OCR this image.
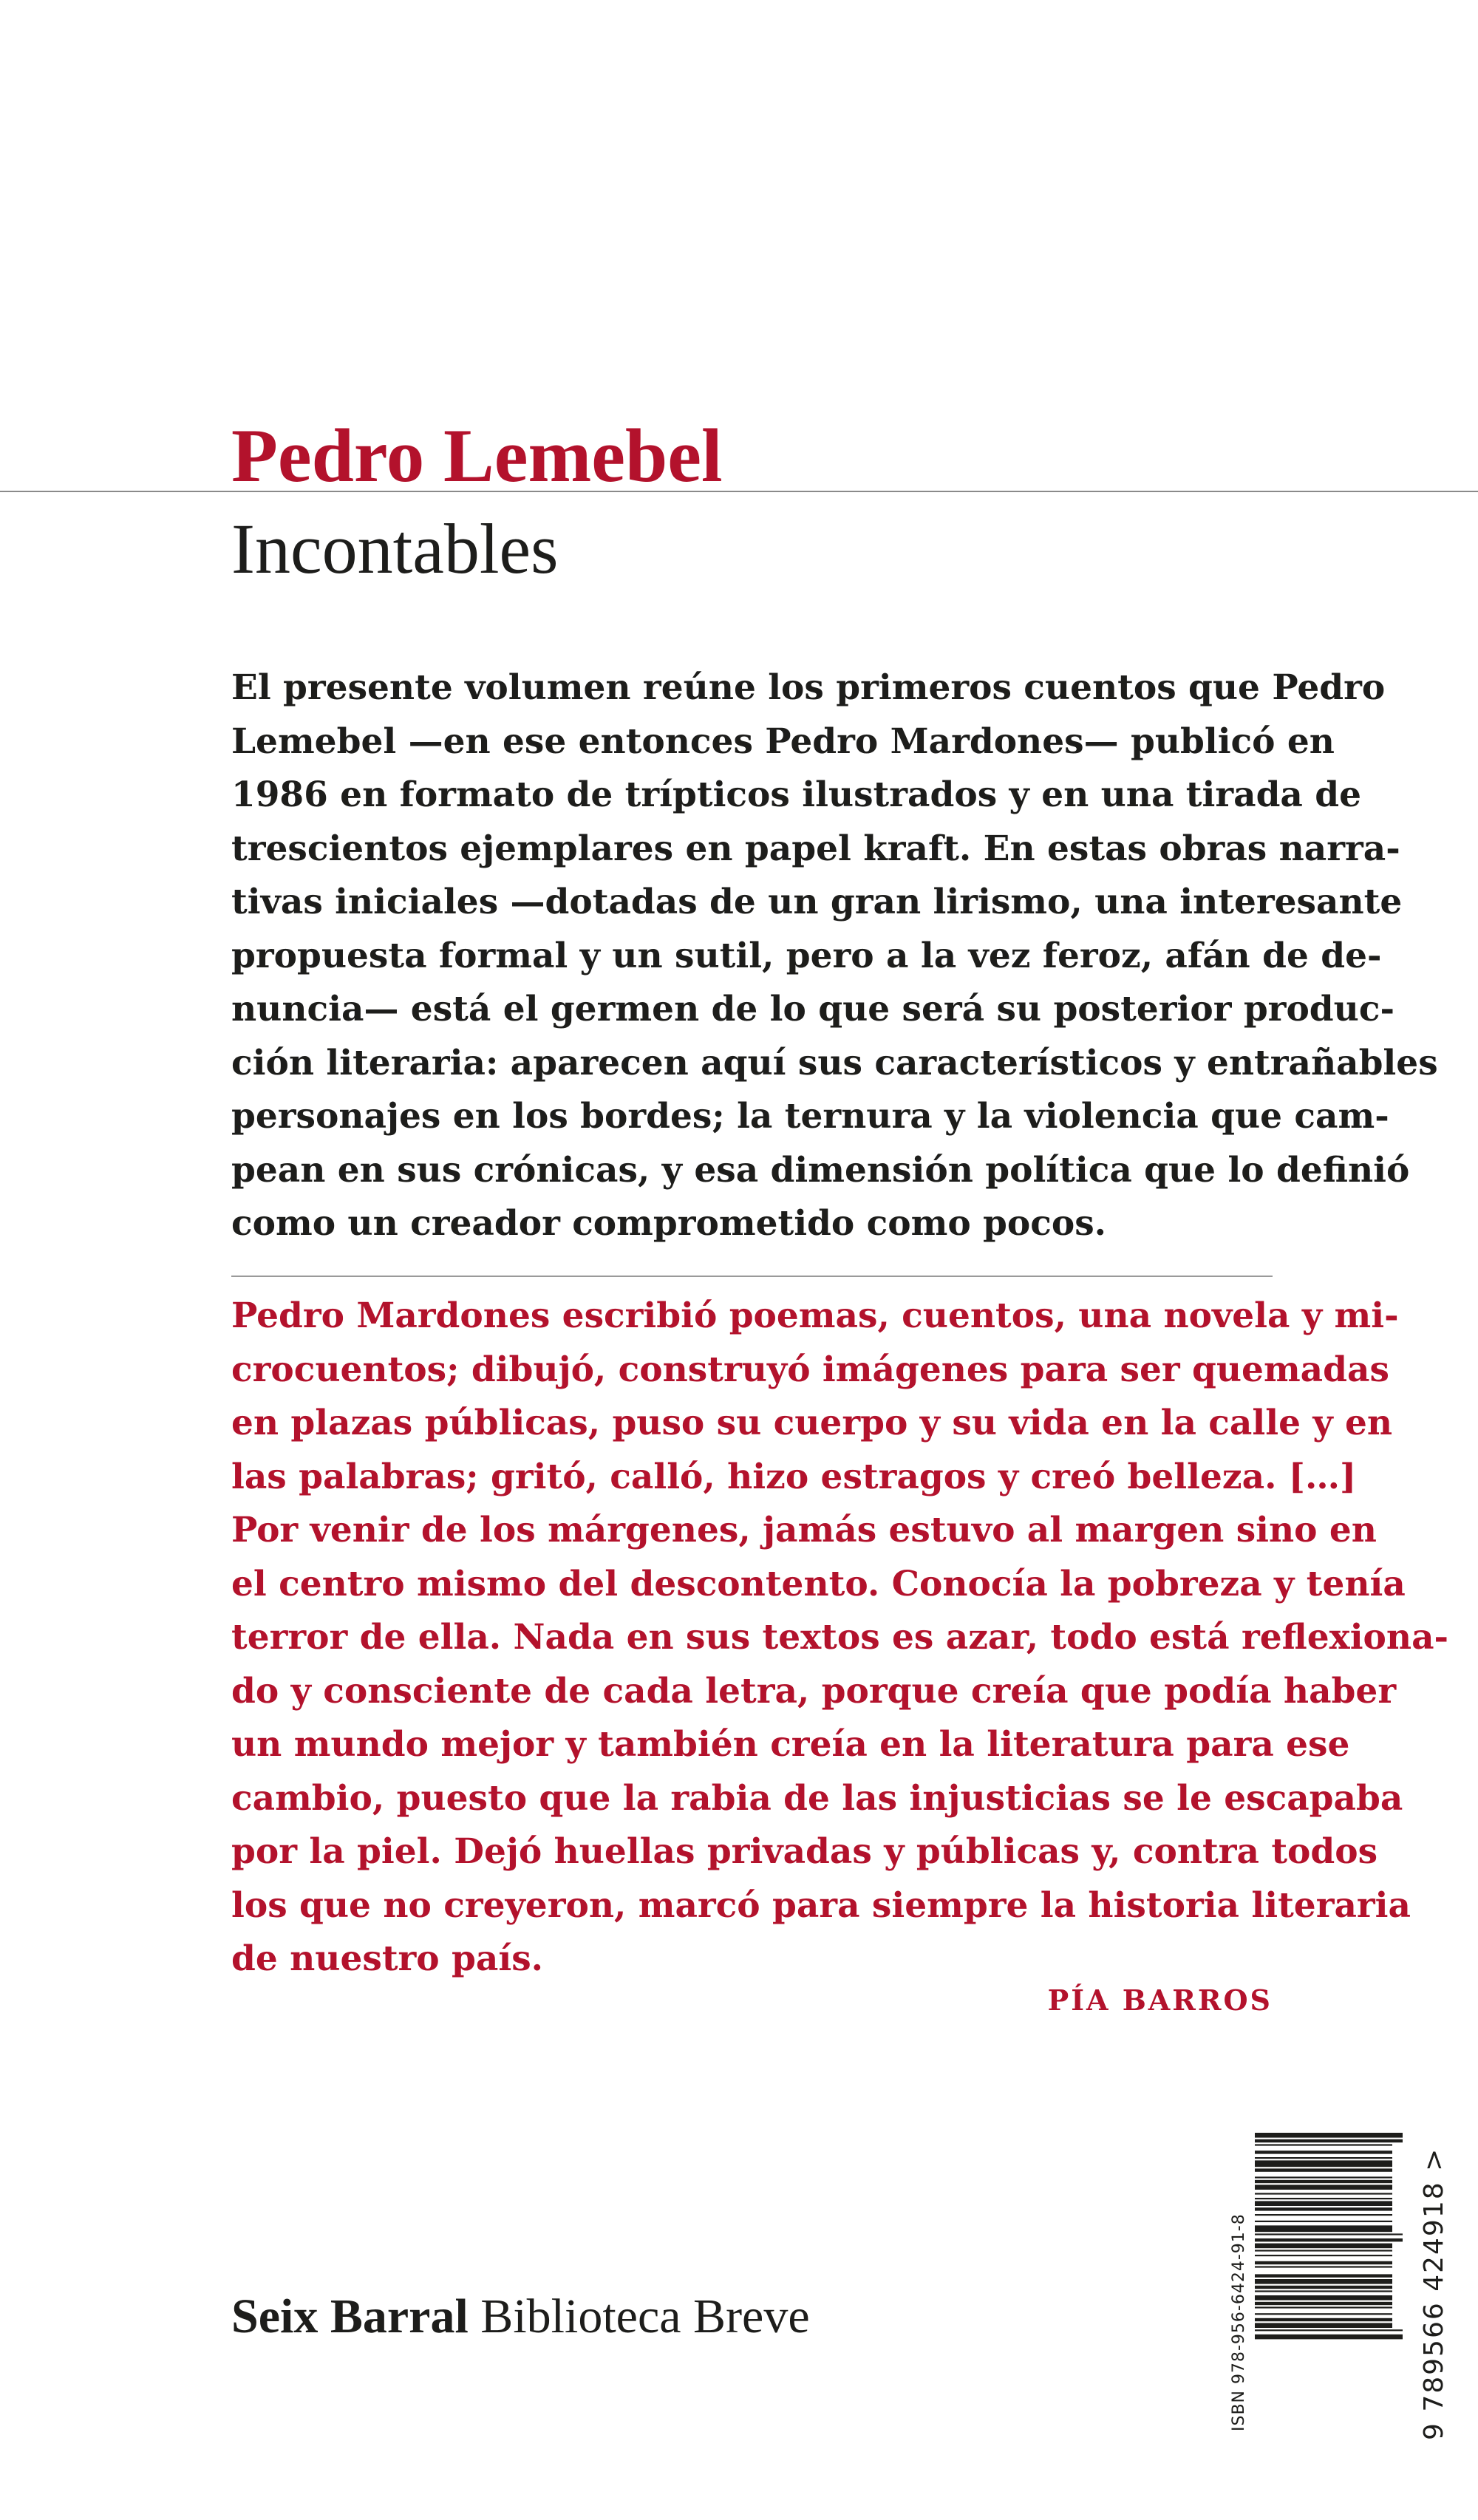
Pedro Lemebel
Incontables
El presente volumen reúne los primeros cuentos que Pedro
Lemebel —en ese entonces Pedro Mardones— publicó en
1986 en formato de trípticos ilustrados y en una tirada de
trescientos ejemplares en papel kraft. En estas obras narra-
tivas iniciales —dotadas de un gran lirismo, una interesante
propuesta formal y un sutil, pero a la vez feroz, afán de de-
nuncia— está el germen de lo que será su posterior produc-
ción literaria: aparecen aquí sus característicos y entrañables
personajes en los bordes; la ternura y la violencia que cam-
pean en sus crónicas, y esa dimensión política que lo definió
como un creador comprometido como pocos.
Pedro Mardones escribió poemas, cuentos, una novela y mi-
crocuentos; dibujó, construyó imágenes para ser quemadas
en plazas públicas, puso su cuerpo y su vida en la calle y en
las palabras; gritó, calló, hizo estragos y creó belleza. […]
Por venir de los márgenes, jamás estuvo al margen sino en
el centro mismo del descontento. Conocía la pobreza y tenía
terror de ella. Nada en sus textos es azar, todo está reflexiona-
do y consciente de cada letra, porque creía que podía haber
un mundo mejor y también creía en la literatura para ese
cambio, puesto que la rabia de las injusticias se le escapaba
por la piel. Dejó huellas privadas y públicas y, contra todos
los que no creyeron, marcó para siempre la historia literaria
de nuestro país.
PÍA BARROS
Seix Barral Biblioteca Breve	ISBN 978-956-6424-91-8	9 789566 424918 >
